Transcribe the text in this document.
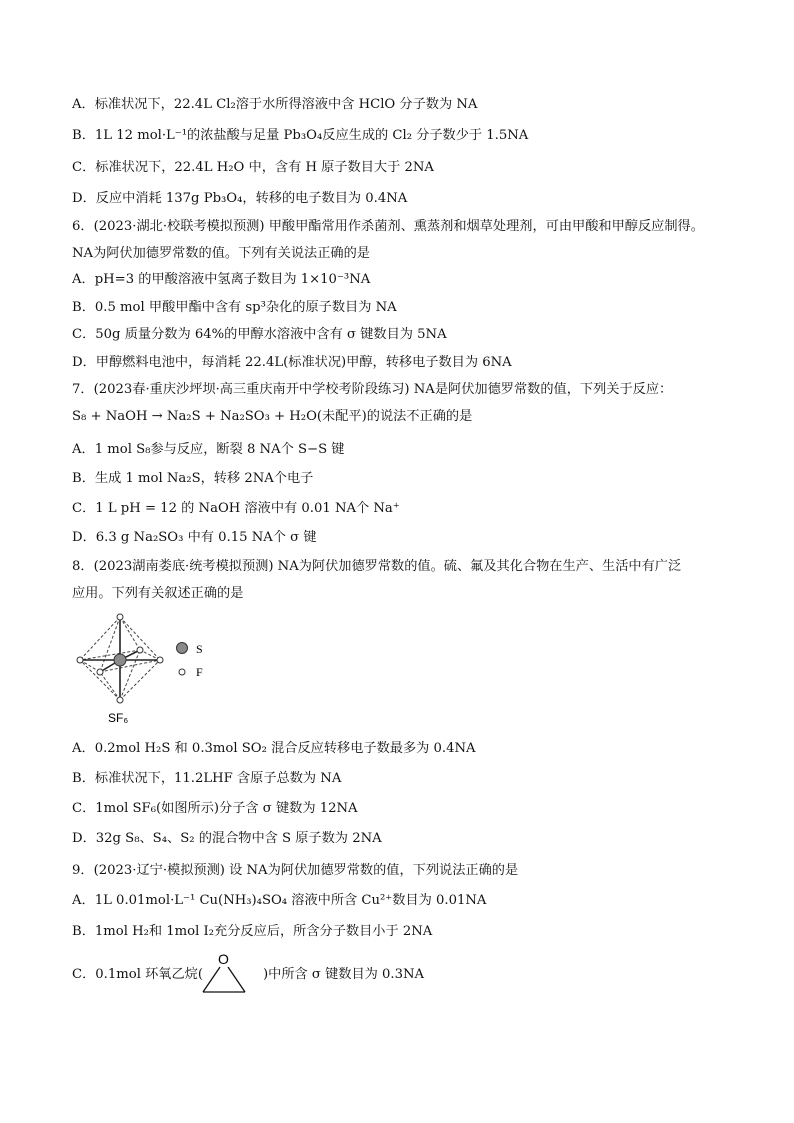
A．标准状况下，22.4L Cl₂溶于水所得溶液中含 HClO 分子数为 NA
B．1L 12 mol·L⁻¹的浓盐酸与足量 Pb₃O₄反应生成的 Cl₂ 分子数少于 1.5NA
C．标准状况下，22.4L H₂O 中，含有 H 原子数目大于 2NA
D．反应中消耗 137g Pb₃O₄，转移的电子数目为 0.4NA
6．(2023·湖北·校联考模拟预测) 甲酸甲酯常用作杀菌剂、熏蒸剂和烟草处理剂，可由甲酸和甲醇反应制得。
NA为阿伏加德罗常数的值。下列有关说法正确的是
A．pH=3 的甲酸溶液中氢离子数目为 1×10⁻³NA
B．0.5 mol 甲酸甲酯中含有 sp³杂化的原子数目为 NA
C．50g 质量分数为 64%的甲醇水溶液中含有 σ 键数目为 5NA
D．甲醇燃料电池中，每消耗 22.4L(标准状况)甲醇，转移电子数目为 6NA
7．(2023春·重庆沙坪坝·高三重庆南开中学校考阶段练习) NA是阿伏加德罗常数的值，下列关于反应：
S₈ + NaOH → Na₂S + Na₂SO₃ + H₂O(未配平)的说法不正确的是
A．1 mol S₈参与反应，断裂 8 NA个 S−S 键
B．生成 1 mol Na₂S，转移 2NA个电子
C．1 L pH = 12 的 NaOH 溶液中有 0.01 NA个 Na⁺
D．6.3 g Na₂SO₃ 中有 0.15 NA个 σ 键
8．(2023湖南娄底·统考模拟预测) NA为阿伏加德罗常数的值。硫、氟及其化合物在生产、生活中有广泛
应用。下列有关叙述正确的是
A．0.2mol H₂S 和 0.3mol SO₂ 混合反应转移电子数最多为 0.4NA
B．标准状况下，11.2LHF 含原子总数为 NA
C．1mol SF₆(如图所示)分子含 σ 键数为 12NA
D．32g S₈、S₄、S₂ 的混合物中含 S 原子数为 2NA
9．(2023·辽宁·模拟预测) 设 NA为阿伏加德罗常数的值，下列说法正确的是
A．1L 0.01mol·L⁻¹ Cu(NH₃)₄SO₄ 溶液中所含 Cu²⁺数目为 0.01NA
B．1mol H₂和 1mol I₂充分反应后，所含分子数目小于 2NA
C．0.1mol 环氧乙烷(	)中所含 σ 键数目为 0.3NA
S
F
SF₆
O
